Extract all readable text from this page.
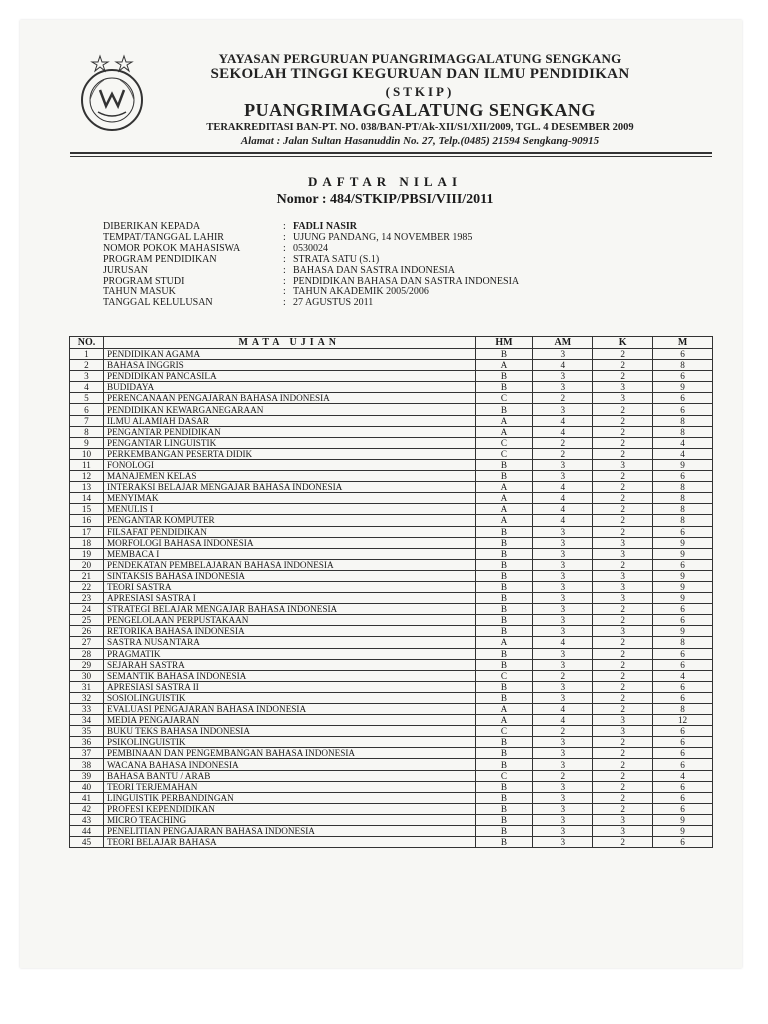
YAYASAN PERGURUAN PUANGRIMAGGALATUNG SENGKANG
SEKOLAH TINGGI KEGURUAN DAN ILMU PENDIDIKAN
(STKIP)
PUANGRIMAGGALATUNG SENGKANG
TERAKREDITASI BAN-PT. NO. 038/BAN-PT/Ak-XII/S1/XII/2009, TGL. 4 DESEMBER 2009
Alamat : Jalan Sultan Hasanuddin No. 27, Telp.(0485) 21594 Sengkang-90915
DAFTAR NILAI
Nomor : 484/STKIP/PBSI/VIII/2011
DIBERIKAN KEPADA	: FADLI NASIR
TEMPAT/TANGGAL LAHIR	: UJUNG PANDANG, 14 NOVEMBER 1985
NOMOR POKOK MAHASISWA	: 0530024
PROGRAM PENDIDIKAN	: STRATA SATU (S.1)
JURUSAN	: BAHASA DAN SASTRA INDONESIA
PROGRAM STUDI	: PENDIDIKAN BAHASA DAN SASTRA INDONESIA
TAHUN MASUK	: TAHUN AKADEMIK 2005/2006
TANGGAL KELULUSAN	: 27 AGUSTUS 2011
NO.	MATA UJIAN	HM	AM	K	M
1	PENDIDIKAN AGAMA	B	3	2	6
2	BAHASA INGGRIS	A	4	2	8
3	PENDIDIKAN PANCASILA	B	3	2	6
4	BUDIDAYA	B	3	3	9
5	PERENCANAAN PENGAJARAN BAHASA INDONESIA	C	2	3	6
6	PENDIDIKAN KEWARGANEGARAAN	B	3	2	6
7	ILMU ALAMIAH DASAR	A	4	2	8
8	PENGANTAR PENDIDIKAN	A	4	2	8
9	PENGANTAR LINGUISTIK	C	2	2	4
10	PERKEMBANGAN PESERTA DIDIK	C	2	2	4
11	FONOLOGI	B	3	3	9
12	MANAJEMEN KELAS	B	3	2	6
13	INTERAKSI BELAJAR MENGAJAR BAHASA INDONESIA	A	4	2	8
14	MENYIMAK	A	4	2	8
15	MENULIS I	A	4	2	8
16	PENGANTAR KOMPUTER	A	4	2	8
17	FILSAFAT PENDIDIKAN	B	3	2	6
18	MORFOLOGI BAHASA INDONESIA	B	3	3	9
19	MEMBACA I	B	3	3	9
20	PENDEKATAN PEMBELAJARAN BAHASA INDONESIA	B	3	2	6
21	SINTAKSIS BAHASA INDONESIA	B	3	3	9
22	TEORI SASTRA	B	3	3	9
23	APRESIASI SASTRA I	B	3	3	9
24	STRATEGI BELAJAR MENGAJAR BAHASA INDONESIA	B	3	2	6
25	PENGELOLAAN PERPUSTAKAAN	B	3	2	6
26	RETORIKA BAHASA INDONESIA	B	3	3	9
27	SASTRA NUSANTARA	A	4	2	8
28	PRAGMATIK	B	3	2	6
29	SEJARAH SASTRA	B	3	2	6
30	SEMANTIK BAHASA INDONESIA	C	2	2	4
31	APRESIASI SASTRA II	B	3	2	6
32	SOSIOLINGUISTIK	B	3	2	6
33	EVALUASI PENGAJARAN BAHASA INDONESIA	A	4	2	8
34	MEDIA PENGAJARAN	A	4	3	12
35	BUKU TEKS BAHASA INDONESIA	C	2	3	6
36	PSIKOLINGUISTIK	B	3	2	6
37	PEMBINAAN DAN PENGEMBANGAN BAHASA INDONESIA	B	3	2	6
38	WACANA BAHASA INDONESIA	B	3	2	6
39	BAHASA BANTU / ARAB	C	2	2	4
40	TEORI TERJEMAHAN	B	3	2	6
41	LINGUISTIK PERBANDINGAN	B	3	2	6
42	PROFESI KEPENDIDIKAN	B	3	2	6
43	MICRO TEACHING	B	3	3	9
44	PENELITIAN PENGAJARAN BAHASA INDONESIA	B	3	3	9
45	TEORI BELAJAR BAHASA	B	3	2	6
